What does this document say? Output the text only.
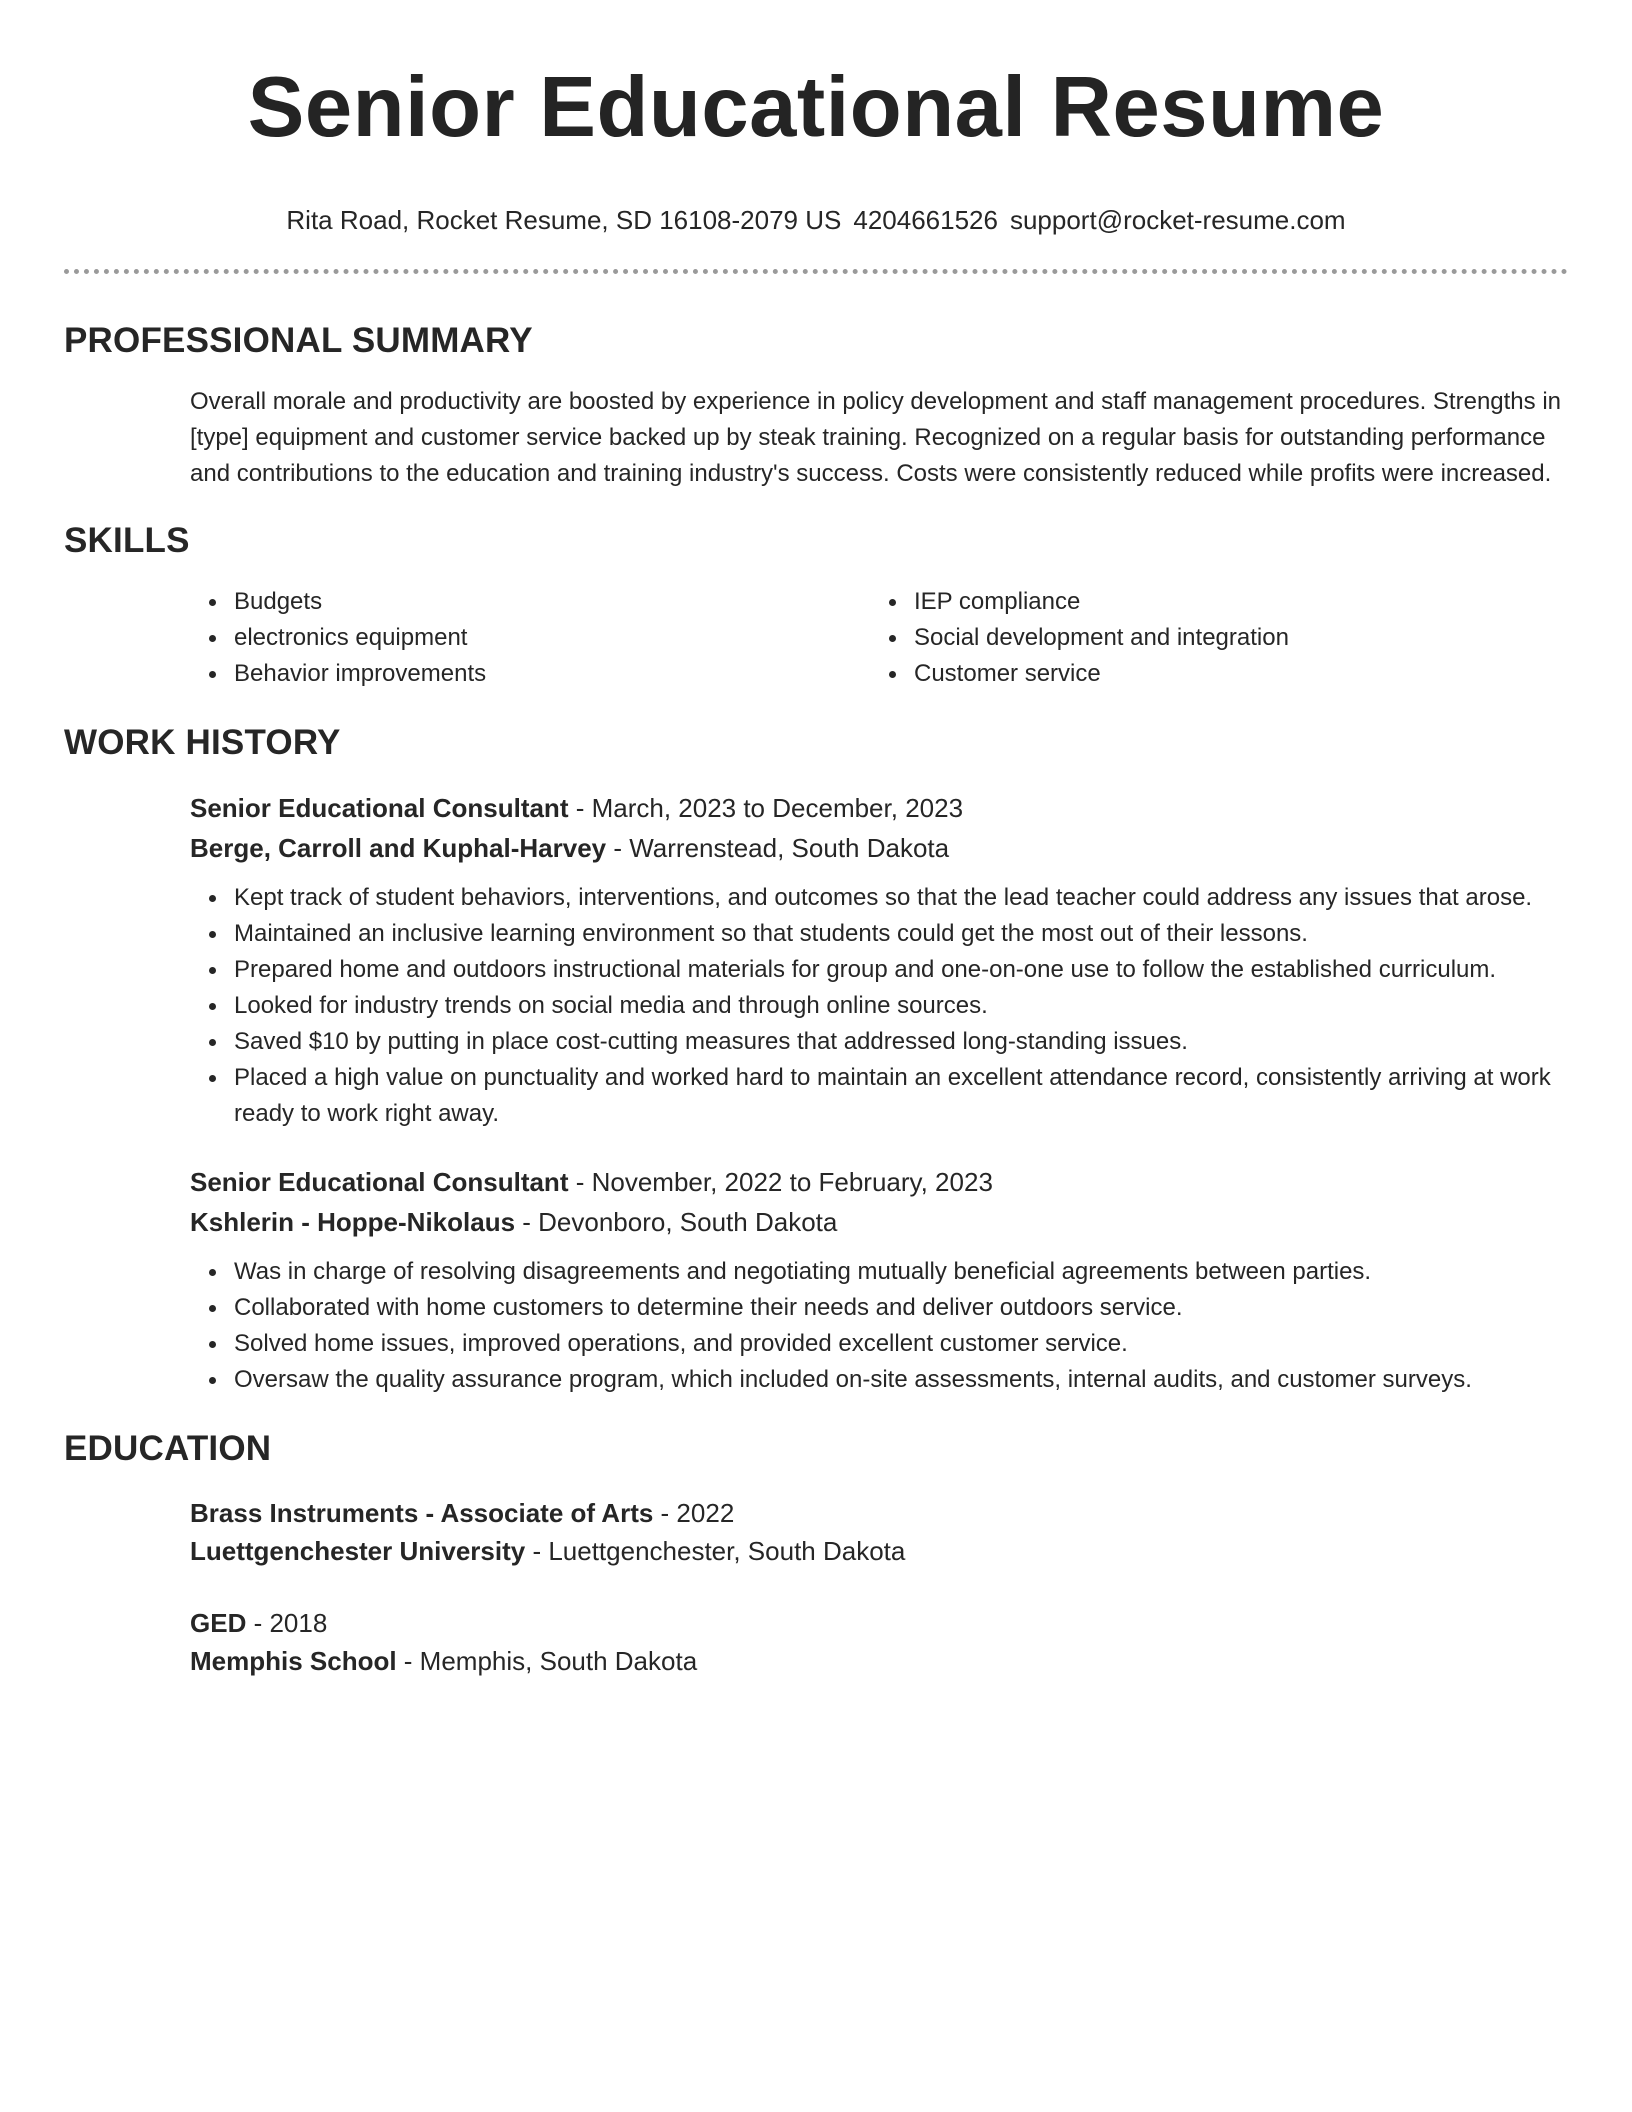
Senior Educational Resume
Rita Road, Rocket Resume, SD 16108-2079 US 4204661526 support@rocket-resume.com
PROFESSIONAL SUMMARY
Overall morale and productivity are boosted by experience in policy development and staff management procedures. Strengths in [type] equipment and customer service backed up by steak training. Recognized on a regular basis for outstanding performance and contributions to the education and training industry's success. Costs were consistently reduced while profits were increased.
SKILLS
Budgets
electronics equipment
Behavior improvements
IEP compliance
Social development and integration
Customer service
WORK HISTORY
Senior Educational Consultant - March, 2023 to December, 2023
Berge, Carroll and Kuphal-Harvey - Warrenstead, South Dakota
Kept track of student behaviors, interventions, and outcomes so that the lead teacher could address any issues that arose.
Maintained an inclusive learning environment so that students could get the most out of their lessons.
Prepared home and outdoors instructional materials for group and one-on-one use to follow the established curriculum.
Looked for industry trends on social media and through online sources.
Saved $10 by putting in place cost-cutting measures that addressed long-standing issues.
Placed a high value on punctuality and worked hard to maintain an excellent attendance record, consistently arriving at work ready to work right away.
Senior Educational Consultant - November, 2022 to February, 2023
Kshlerin - Hoppe-Nikolaus - Devonboro, South Dakota
Was in charge of resolving disagreements and negotiating mutually beneficial agreements between parties.
Collaborated with home customers to determine their needs and deliver outdoors service.
Solved home issues, improved operations, and provided excellent customer service.
Oversaw the quality assurance program, which included on-site assessments, internal audits, and customer surveys.
EDUCATION
Brass Instruments - Associate of Arts - 2022
Luettgenchester University - Luettgenchester, South Dakota
GED - 2018
Memphis School - Memphis, South Dakota
